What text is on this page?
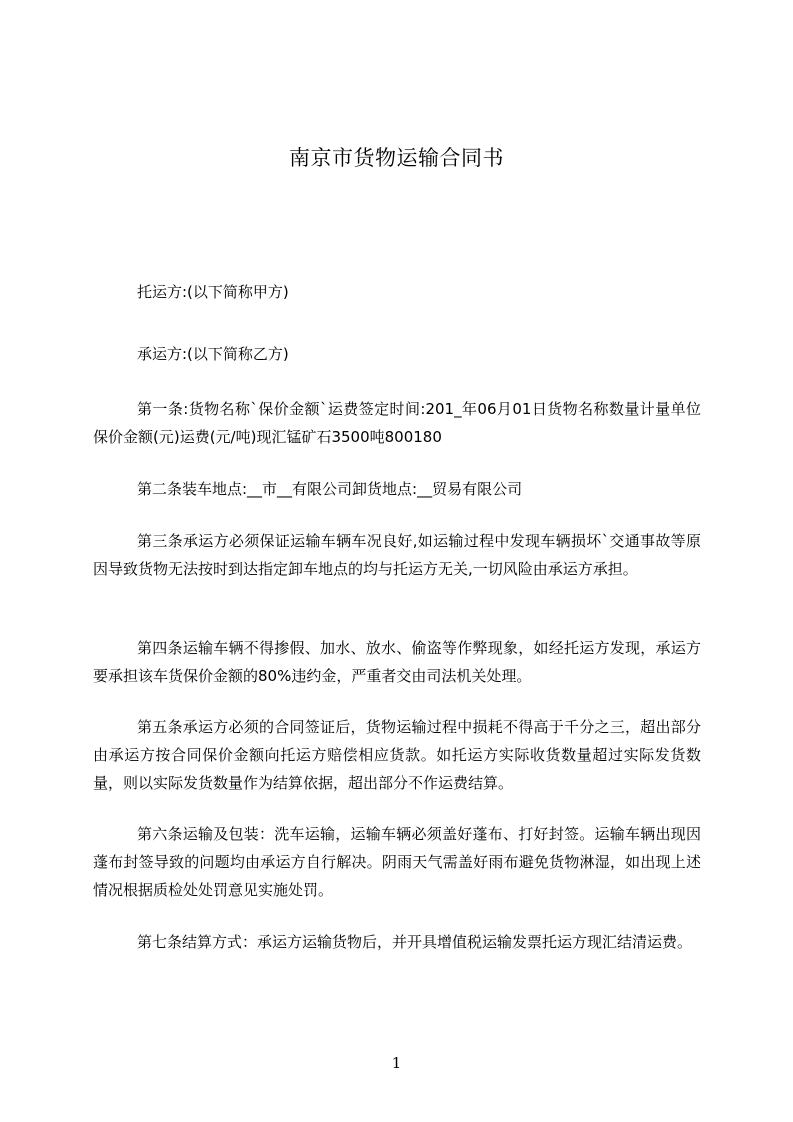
南京市货物运输合同书

托运方:(以下简称甲方)

承运方:(以下简称乙方)

第一条:货物名称`保价金额`运费签定时间:201_年06月01日货物名称数量计量单位保价金额(元)运费(元/吨)现汇锰矿石3500吨800180

第二条装车地点:__市__有限公司卸货地点:__贸易有限公司

第三条承运方必须保证运输车辆车况良好,如运输过程中发现车辆损坏`交通事故等原因导致货物无法按时到达指定卸车地点的均与托运方无关,一切风险由承运方承担。

第四条运输车辆不得掺假、加水、放水、偷盗等作弊现象，如经托运方发现，承运方要承担该车货保价金额的80%违约金，严重者交由司法机关处理。

第五条承运方必须的合同签证后，货物运输过程中损耗不得高于千分之三，超出部分由承运方按合同保价金额向托运方赔偿相应货款。如托运方实际收货数量超过实际发货数量，则以实际发货数量作为结算依据，超出部分不作运费结算。

第六条运输及包装：洗车运输，运输车辆必须盖好蓬布、打好封签。运输车辆出现因蓬布封签导致的问题均由承运方自行解决。阴雨天气需盖好雨布避免货物淋湿，如出现上述情况根据质检处处罚意见实施处罚。

第七条结算方式：承运方运输货物后，并开具增值税运输发票托运方现汇结清运费。

1
